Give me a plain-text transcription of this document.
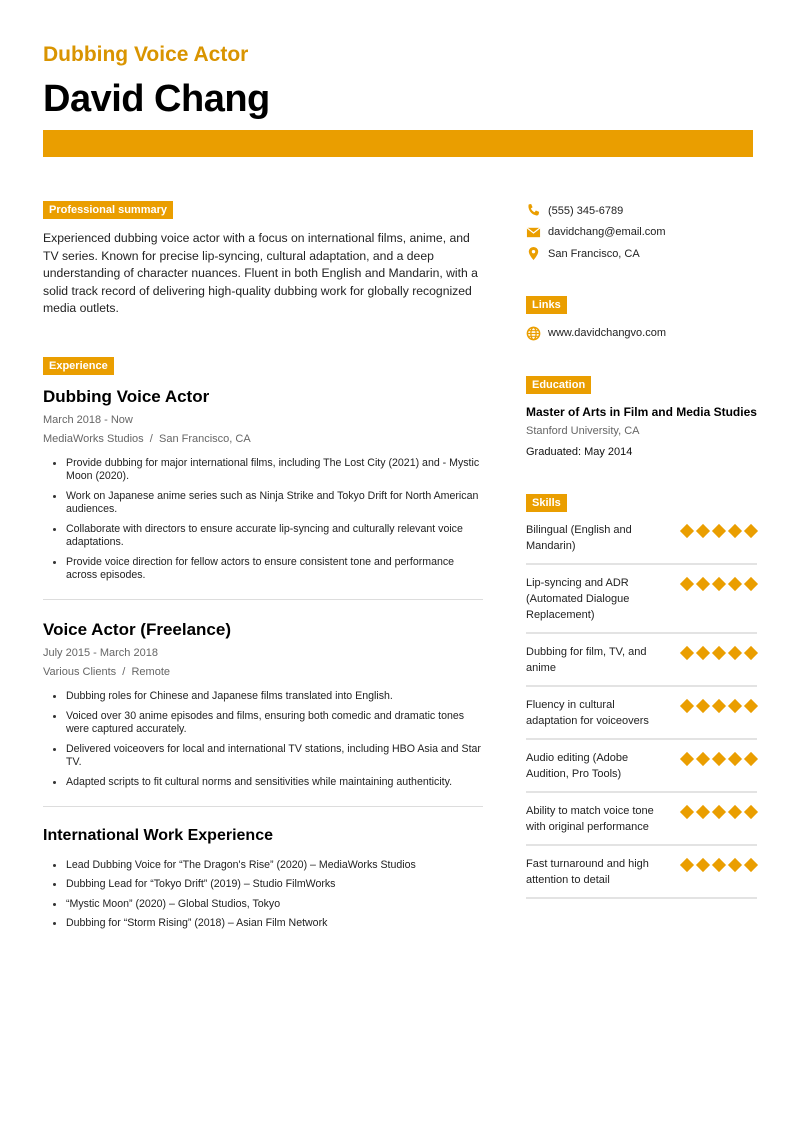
Dubbing Voice Actor
David Chang
Professional summary

Experienced dubbing voice actor with a focus on international films, anime, and TV series. Known for precise lip-syncing, cultural adaptation, and a deep understanding of character nuances. Fluent in both English and Mandarin, with a solid track record of delivering high-quality dubbing work for globally recognized media outlets.

Experience
Dubbing Voice Actor
March 2018 - Now
MediaWorks Studios / San Francisco, CA
Provide dubbing for major international films, including The Lost City (2021) and - Mystic Moon (2020).
Work on Japanese anime series such as Ninja Strike and Tokyo Drift for North American audiences.
Collaborate with directors to ensure accurate lip-syncing and culturally relevant voice adaptations.
Provide voice direction for fellow actors to ensure consistent tone and performance across episodes.
Voice Actor (Freelance)
July 2015 - March 2018
Various Clients / Remote
Dubbing roles for Chinese and Japanese films translated into English.
Voiced over 30 anime episodes and films, ensuring both comedic and dramatic tones were captured accurately.
Delivered voiceovers for local and international TV stations, including HBO Asia and Star TV.
Adapted scripts to fit cultural norms and sensitivities while maintaining authenticity.
International Work Experience
Lead Dubbing Voice for “The Dragon's Rise” (2020) – MediaWorks Studios
Dubbing Lead for “Tokyo Drift” (2019) – Studio FilmWorks
“Mystic Moon” (2020) – Global Studios, Tokyo
Dubbing for “Storm Rising” (2018) – Asian Film Network
(555) 345-6789
davidchang@email.com
San Francisco, CA
Links
www.davidchangvo.com
Education
Master of Arts in Film and Media Studies
Stanford University, CA
Graduated: May 2014
Skills
Bilingual (English and Mandarin)
Lip-syncing and ADR (Automated Dialogue Replacement)
Dubbing for film, TV, and anime
Fluency in cultural adaptation for voiceovers
Audio editing (Adobe Audition, Pro Tools)
Ability to match voice tone with original performance
Fast turnaround and high attention to detail
